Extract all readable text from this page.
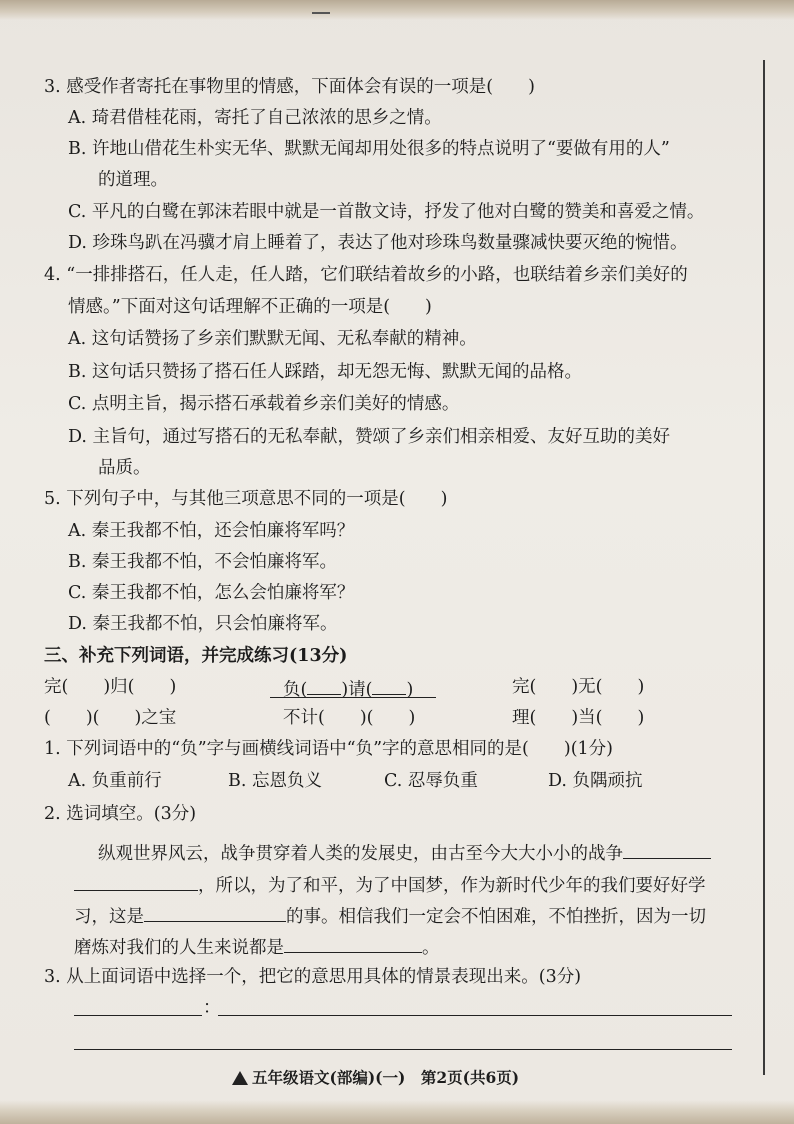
3. 感受作者寄托在事物里的情感，下面体会有误的一项是(　　)
A. 琦君借桂花雨，寄托了自己浓浓的思乡之情。
B. 许地山借花生朴实无华、默默无闻却用处很多的特点说明了“要做有用的人”
的道理。
C. 平凡的白鹭在郭沫若眼中就是一首散文诗，抒发了他对白鹭的赞美和喜爱之情。
D. 珍珠鸟趴在冯骥才肩上睡着了，表达了他对珍珠鸟数量骤减快要灭绝的惋惜。
4. “一排排搭石，任人走，任人踏，它们联结着故乡的小路，也联结着乡亲们美好的
情感。”下面对这句话理解不正确的一项是(　　)
A. 这句话赞扬了乡亲们默默无闻、无私奉献的精神。
B. 这句话只赞扬了搭石任人踩踏，却无怨无悔、默默无闻的品格。
C. 点明主旨，揭示搭石承载着乡亲们美好的情感。
D. 主旨句，通过写搭石的无私奉献，赞颂了乡亲们相亲相爱、友好互助的美好
品质。
5. 下列句子中，与其他三项意思不同的一项是(　　)
A. 秦王我都不怕，还会怕廉将军吗？
B. 秦王我都不怕，不会怕廉将军。
C. 秦王我都不怕，怎么会怕廉将军？
D. 秦王我都不怕，只会怕廉将军。
三、补充下列词语，并完成练习(13分)
完(　　)归(　　)	负( )请( )	完(　　)无(　　)
(　　)(　　)之宝	不计(　　)(　　)	理(　　)当(　　)
1. 下列词语中的“负”字与画横线词语中“负”字的意思相同的是(　　)(1分)
A. 负重前行	B. 忘恩负义	C. 忍辱负重	D. 负隅顽抗
2. 选词填空。(3分)
纵观世界风云，战争贯穿着人类的发展史，由古至今大大小小的战争
，所以，为了和平，为了中国梦，作为新时代少年的我们要好好学
习，这是	的事。相信我们一定会不怕困难，不怕挫折，因为一切
磨炼对我们的人生来说都是	。
3. 从上面词语中选择一个，把它的意思用具体的情景表现出来。(3分)
：
五年级语文(部编)(一)　第2页(共6页)
